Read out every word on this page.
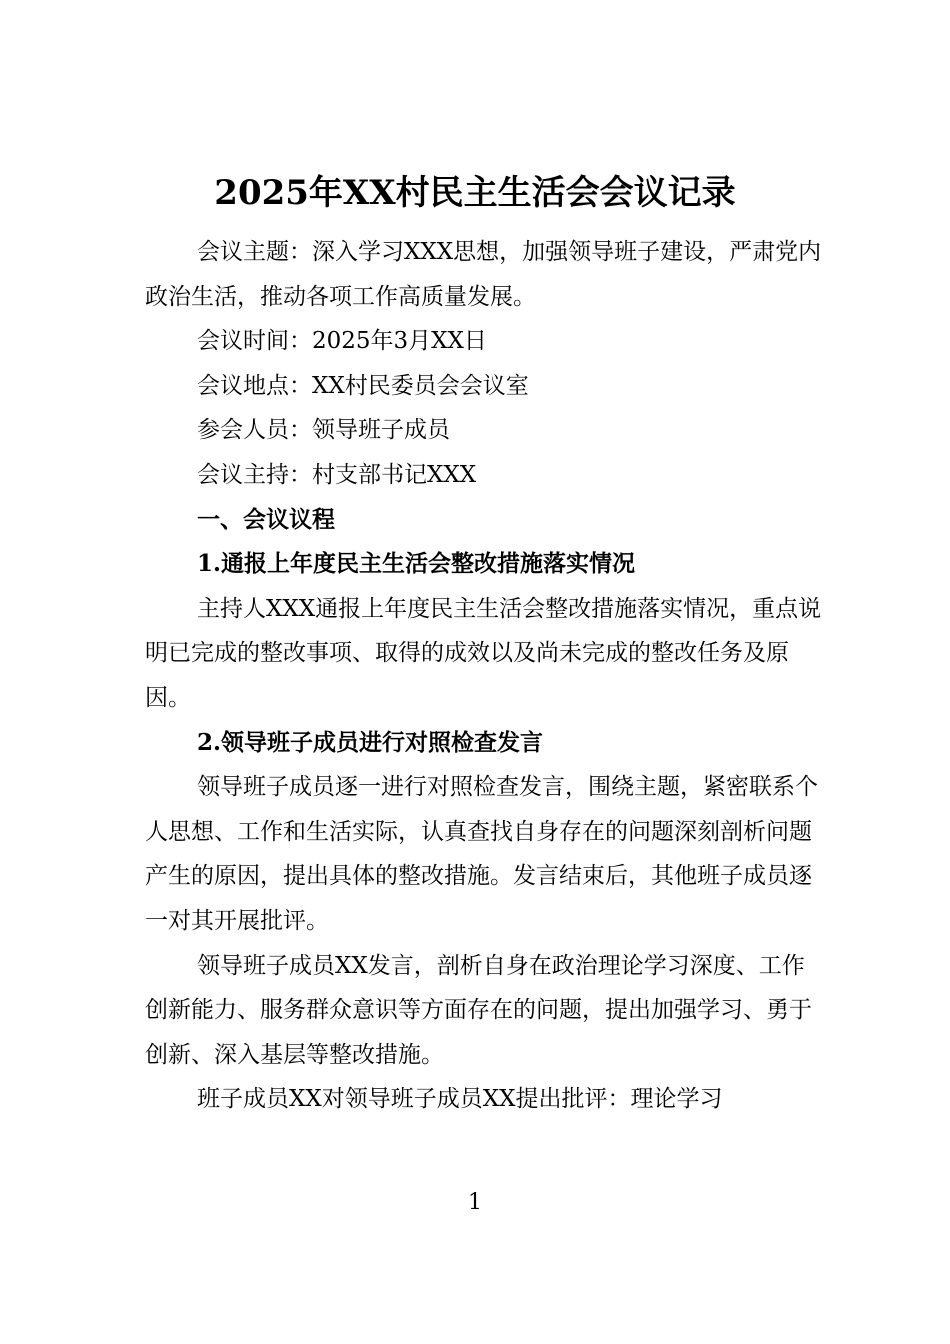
2025年XX村民主生活会会议记录

会议主题：深入学习XXX思想，加强领导班子建设，严肃党内政治生活，推动各项工作高质量发展。

会议时间：2025年3月XX日

会议地点：XX村民委员会会议室

参会人员：领导班子成员

会议主持：村支部书记XXX

一、会议议程

1.通报上年度民主生活会整改措施落实情况

主持人XXX通报上年度民主生活会整改措施落实情况，重点说明已完成的整改事项、取得的成效以及尚未完成的整改任务及原因。

2.领导班子成员进行对照检查发言

领导班子成员逐一进行对照检查发言，围绕主题，紧密联系个人思想、工作和生活实际，认真查找自身存在的问题深刻剖析问题产生的原因，提出具体的整改措施。发言结束后，其他班子成员逐一对其开展批评。

领导班子成员XX发言，剖析自身在政治理论学习深度、工作创新能力、服务群众意识等方面存在的问题，提出加强学习、勇于创新、深入基层等整改措施。

班子成员XX对领导班子成员XX提出批评：理论学习

1
